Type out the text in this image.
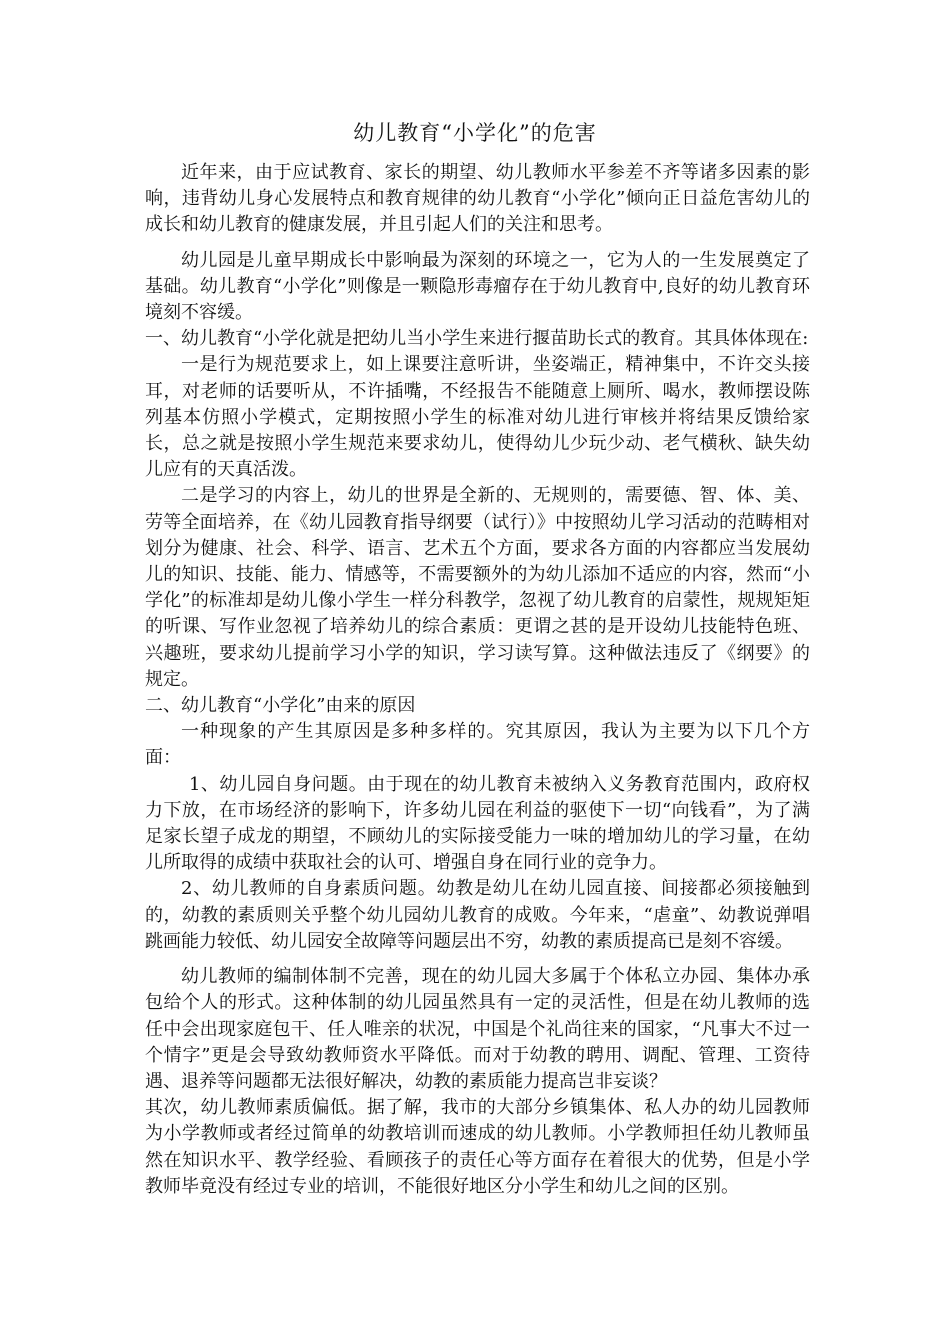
幼儿教育“小学化”的危害

近年来，由于应试教育、家长的期望、幼儿教师水平参差不齐等诸多因素的影响，违背幼儿身心发展特点和教育规律的幼儿教育“小学化”倾向正日益危害幼儿的成长和幼儿教育的健康发展，并且引起人们的关注和思考。

幼儿园是儿童早期成长中影响最为深刻的环境之一，它为人的一生发展奠定了基础。幼儿教育“小学化”则像是一颗隐形毒瘤存在于幼儿教育中,良好的幼儿教育环境刻不容缓。

一、幼儿教育“小学化就是把幼儿当小学生来进行揠苗助长式的教育。其具体体现在:

一是行为规范要求上，如上课要注意听讲，坐姿端正，精神集中，不许交头接耳，对老师的话要听从，不许插嘴，不经报告不能随意上厕所、喝水，教师摆设陈列基本仿照小学模式，定期按照小学生的标准对幼儿进行审核并将结果反馈给家长，总之就是按照小学生规范来要求幼儿，使得幼儿少玩少动、老气横秋、缺失幼儿应有的天真活泼。

二是学习的内容上，幼儿的世界是全新的、无规则的，需要德、智、体、美、劳等全面培养，在《幼儿园教育指导纲要（试行）》中按照幼儿学习活动的范畴相对划分为健康、社会、科学、语言、艺术五个方面，要求各方面的内容都应当发展幼儿的知识、技能、能力、情感等，不需要额外的为幼儿添加不适应的内容，然而“小学化”的标准却是幼儿像小学生一样分科教学，忽视了幼儿教育的启蒙性，规规矩矩的听课、写作业忽视了培养幼儿的综合素质：更谓之甚的是开设幼儿技能特色班、兴趣班，要求幼儿提前学习小学的知识，学习读写算。这种做法违反了《纲要》的规定。

二、幼儿教育“小学化”由来的原因

一种现象的产生其原因是多种多样的。究其原因，我认为主要为以下几个方面：

1、幼儿园自身问题。由于现在的幼儿教育未被纳入义务教育范围内，政府权力下放，在市场经济的影响下，许多幼儿园在利益的驱使下一切“向钱看”，为了满足家长望子成龙的期望，不顾幼儿的实际接受能力一味的增加幼儿的学习量，在幼儿所取得的成绩中获取社会的认可、增强自身在同行业的竞争力。

2、幼儿教师的自身素质问题。幼教是幼儿在幼儿园直接、间接都必须接触到的，幼教的素质则关乎整个幼儿园幼儿教育的成败。今年来，“虐童”、幼教说弹唱跳画能力较低、幼儿园安全故障等问题层出不穷，幼教的素质提高已是刻不容缓。

幼儿教师的编制体制不完善，现在的幼儿园大多属于个体私立办园、集体办承包给个人的形式。这种体制的幼儿园虽然具有一定的灵活性，但是在幼儿教师的选任中会出现家庭包干、任人唯亲的状况，中国是个礼尚往来的国家，“凡事大不过一个情字”更是会导致幼教师资水平降低。而对于幼教的聘用、调配、管理、工资待遇、退养等问题都无法很好解决，幼教的素质能力提高岂非妄谈？

其次，幼儿教师素质偏低。据了解，我市的大部分乡镇集体、私人办的幼儿园教师为小学教师或者经过简单的幼教培训而速成的幼儿教师。小学教师担任幼儿教师虽然在知识水平、教学经验、看顾孩子的责任心等方面存在着很大的优势，但是小学教师毕竟没有经过专业的培训，不能很好地区分小学生和幼儿之间的区别。
